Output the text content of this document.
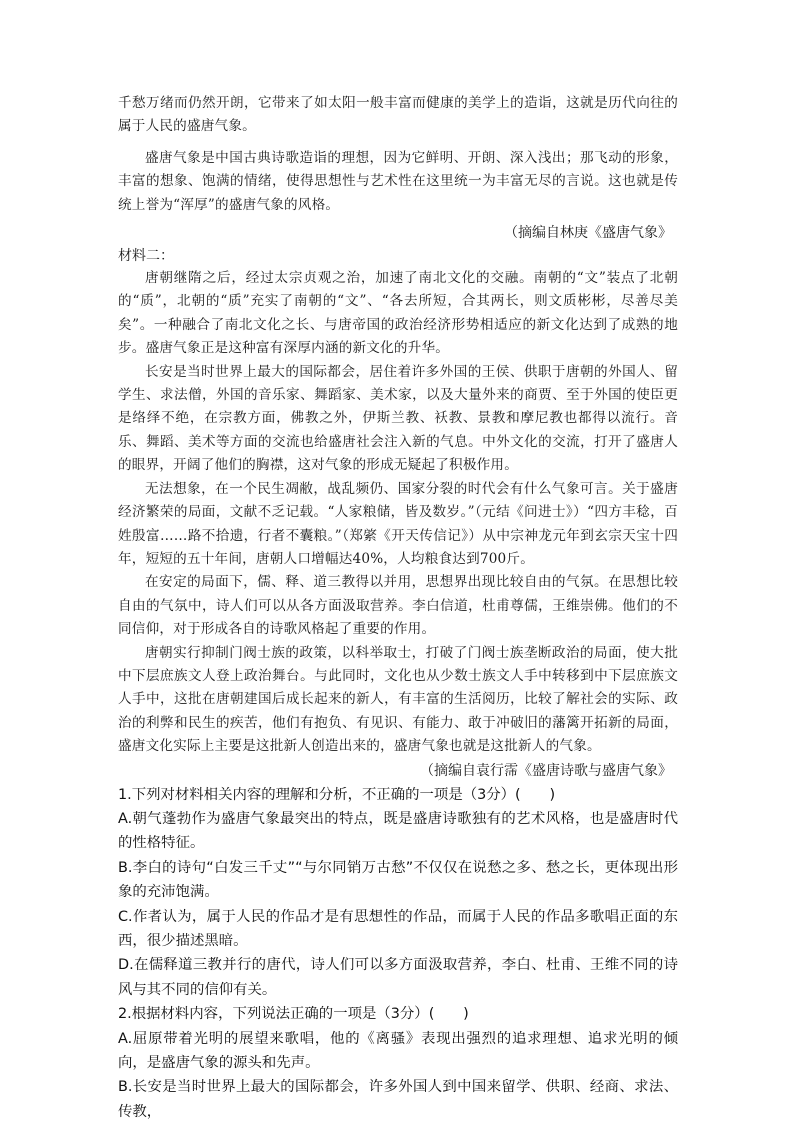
千愁万绪而仍然开朗，它带来了如太阳一般丰富而健康的美学上的造诣，这就是历代向往的属于人民的盛唐气象。

盛唐气象是中国古典诗歌造诣的理想，因为它鲜明、开朗、深入浅出；那飞动的形象，丰富的想象、饱满的情绪，使得思想性与艺术性在这里统一为丰富无尽的言说。这也就是传统上誉为“浑厚”的盛唐气象的风格。

（摘编自林庚《盛唐气象》

材料二：

唐朝继隋之后，经过太宗贞观之治，加速了南北文化的交融。南朝的“文”装点了北朝的“质”，北朝的“质”充实了南朝的“文”、“各去所短，合其两长，则文质彬彬，尽善尽美矣”。一种融合了南北文化之长、与唐帝国的政治经济形势相适应的新文化达到了成熟的地步。盛唐气象正是这种富有深厚内涵的新文化的升华。

长安是当时世界上最大的国际都会，居住着许多外国的王侯、供职于唐朝的外国人、留学生、求法僧，外国的音乐家、舞蹈家、美术家，以及大量外来的商贾、至于外国的使臣更是络绎不绝，在宗教方面，佛教之外，伊斯兰教、袄教、景教和摩尼教也都得以流行。音乐、舞蹈、美术等方面的交流也给盛唐社会注入新的气息。中外文化的交流，打开了盛唐人的眼界，开阔了他们的胸襟，这对气象的形成无疑起了积极作用。

无法想象，在一个民生凋敝，战乱频仍、国家分裂的时代会有什么气象可言。关于盛唐经济繁荣的局面，文献不乏记载。“人家粮储，皆及数岁。”（元结《问进士》）“四方丰稔，百姓殷富……路不拾遗，行者不囊粮。”（郑綮《开天传信记》）从中宗神龙元年到玄宗天宝十四年，短短的五十年间，唐朝人口增幅达40%，人均粮食达到700斤。

在安定的局面下，儒、释、道三教得以并用，思想界出现比较自由的气氛。在思想比较自由的气氛中，诗人们可以从各方面汲取营养。李白信道，杜甫尊儒，王维崇佛。他们的不同信仰，对于形成各自的诗歌风格起了重要的作用。

唐朝实行抑制门阀士族的政策，以科举取士，打破了门阀士族垄断政治的局面，使大批中下层庶族文人登上政治舞台。与此同时，文化也从少数士族文人手中转移到中下层庶族文人手中，这批在唐朝建国后成长起来的新人，有丰富的生活阅历，比较了解社会的实际、政治的利弊和民生的疾苦，他们有抱负、有见识、有能力、敢于冲破旧的藩篱开拓新的局面，盛唐文化实际上主要是这批新人创造出来的，盛唐气象也就是这批新人的气象。

（摘编自袁行霈《盛唐诗歌与盛唐气象》

1.下列对材料相关内容的理解和分析，不正确的一项是（3分）(　　)

A.朝气蓬勃作为盛唐气象最突出的特点，既是盛唐诗歌独有的艺术风格，也是盛唐时代的性格特征。

B.李白的诗句“白发三千丈”“与尔同销万古愁”不仅仅在说愁之多、愁之长，更体现出形象的充沛饱满。

C.作者认为，属于人民的作品才是有思想性的作品，而属于人民的作品多歌唱正面的东西，很少描述黑暗。

D.在儒释道三教并行的唐代，诗人们可以多方面汲取营养，李白、杜甫、王维不同的诗风与其不同的信仰有关。

2.根据材料内容，下列说法正确的一项是（3分）(　　)

A.屈原带着光明的展望来歌唱，他的《离骚》表现出强烈的追求理想、追求光明的倾向，是盛唐气象的源头和先声。

B.长安是当时世界上最大的国际都会，许多外国人到中国来留学、供职、经商、求法、传教，
